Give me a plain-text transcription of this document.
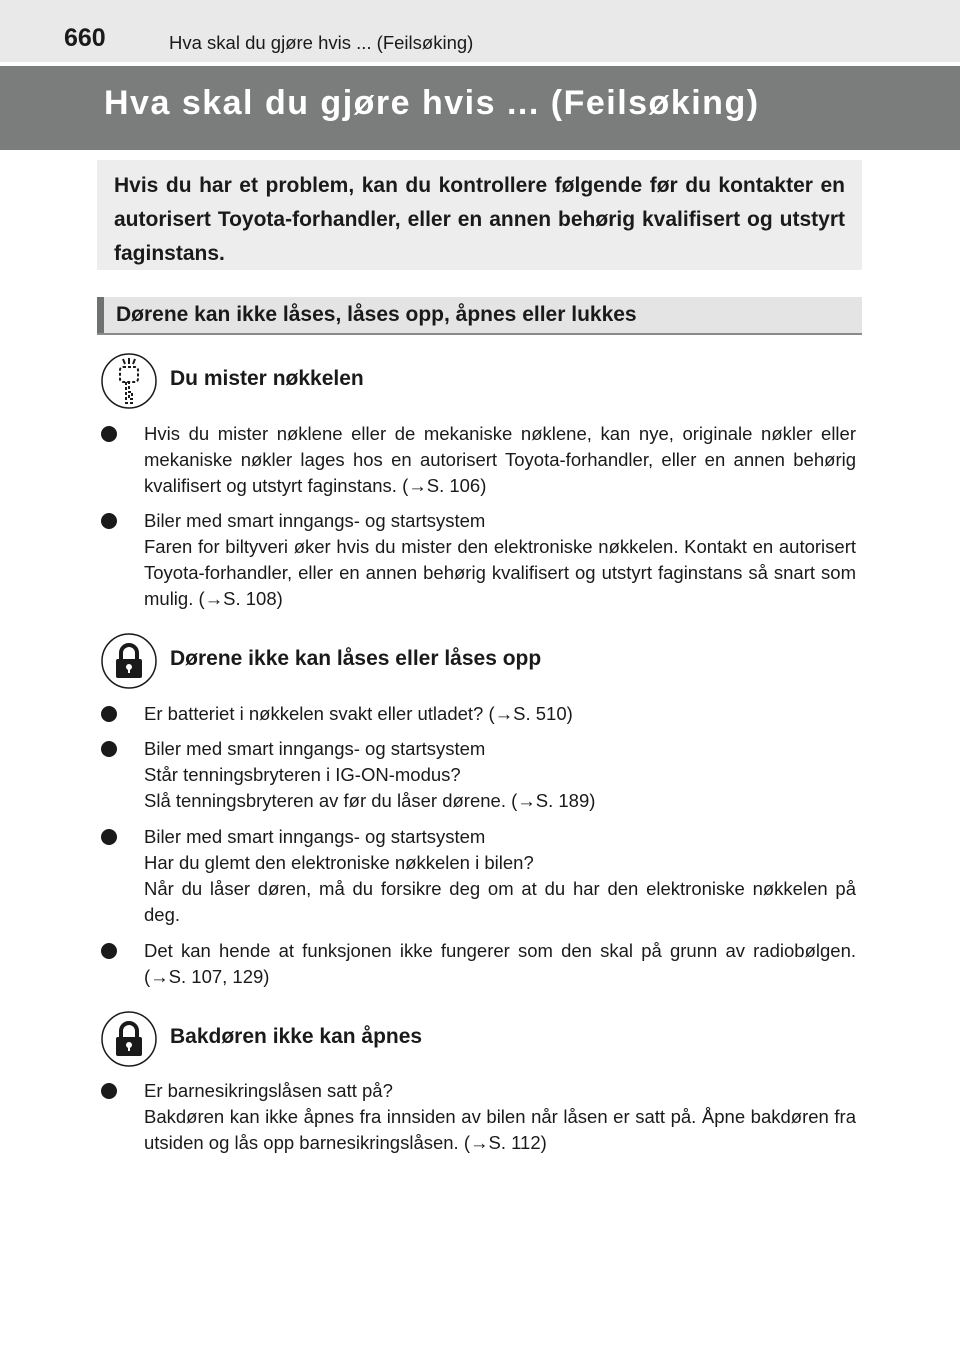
660	Hva skal du gjøre hvis ... (Feilsøking)
Hva skal du gjøre hvis ... (Feilsøking)

Hvis du har et problem, kan du kontrollere følgende før du kontakter en autorisert Toyota-forhandler, eller en annen behørig kvalifisert og utstyrt faginstans.

Dørene kan ikke låses, låses opp, åpnes eller lukkes
Du mister nøkkelen
Hvis du mister nøklene eller de mekaniske nøklene, kan nye, originale nøkler eller mekaniske nøkler lages hos en autorisert Toyota-forhandler, eller en annen behørig kvalifisert og utstyrt faginstans. (→S. 106)
Biler med smart inngangs- og startsystem
Faren for biltyveri øker hvis du mister den elektroniske nøkkelen. Kontakt en autorisert Toyota-forhandler, eller en annen behørig kvalifisert og utstyrt faginstans så snart som mulig. (→S. 108)
Dørene ikke kan låses eller låses opp
Er batteriet i nøkkelen svakt eller utladet? (→S. 510)
Biler med smart inngangs- og startsystem
Står tenningsbryteren i IG-ON-modus?
Slå tenningsbryteren av før du låser dørene. (→S. 189)
Biler med smart inngangs- og startsystem
Har du glemt den elektroniske nøkkelen i bilen?
Når du låser døren, må du forsikre deg om at du har den elektroniske nøkkelen på deg.
Det kan hende at funksjonen ikke fungerer som den skal på grunn av radiobølgen. (→S. 107, 129)
Bakdøren ikke kan åpnes
Er barnesikringslåsen satt på?
Bakdøren kan ikke åpnes fra innsiden av bilen når låsen er satt på. Åpne bakdøren fra utsiden og lås opp barnesikringslåsen. (→S. 112)
